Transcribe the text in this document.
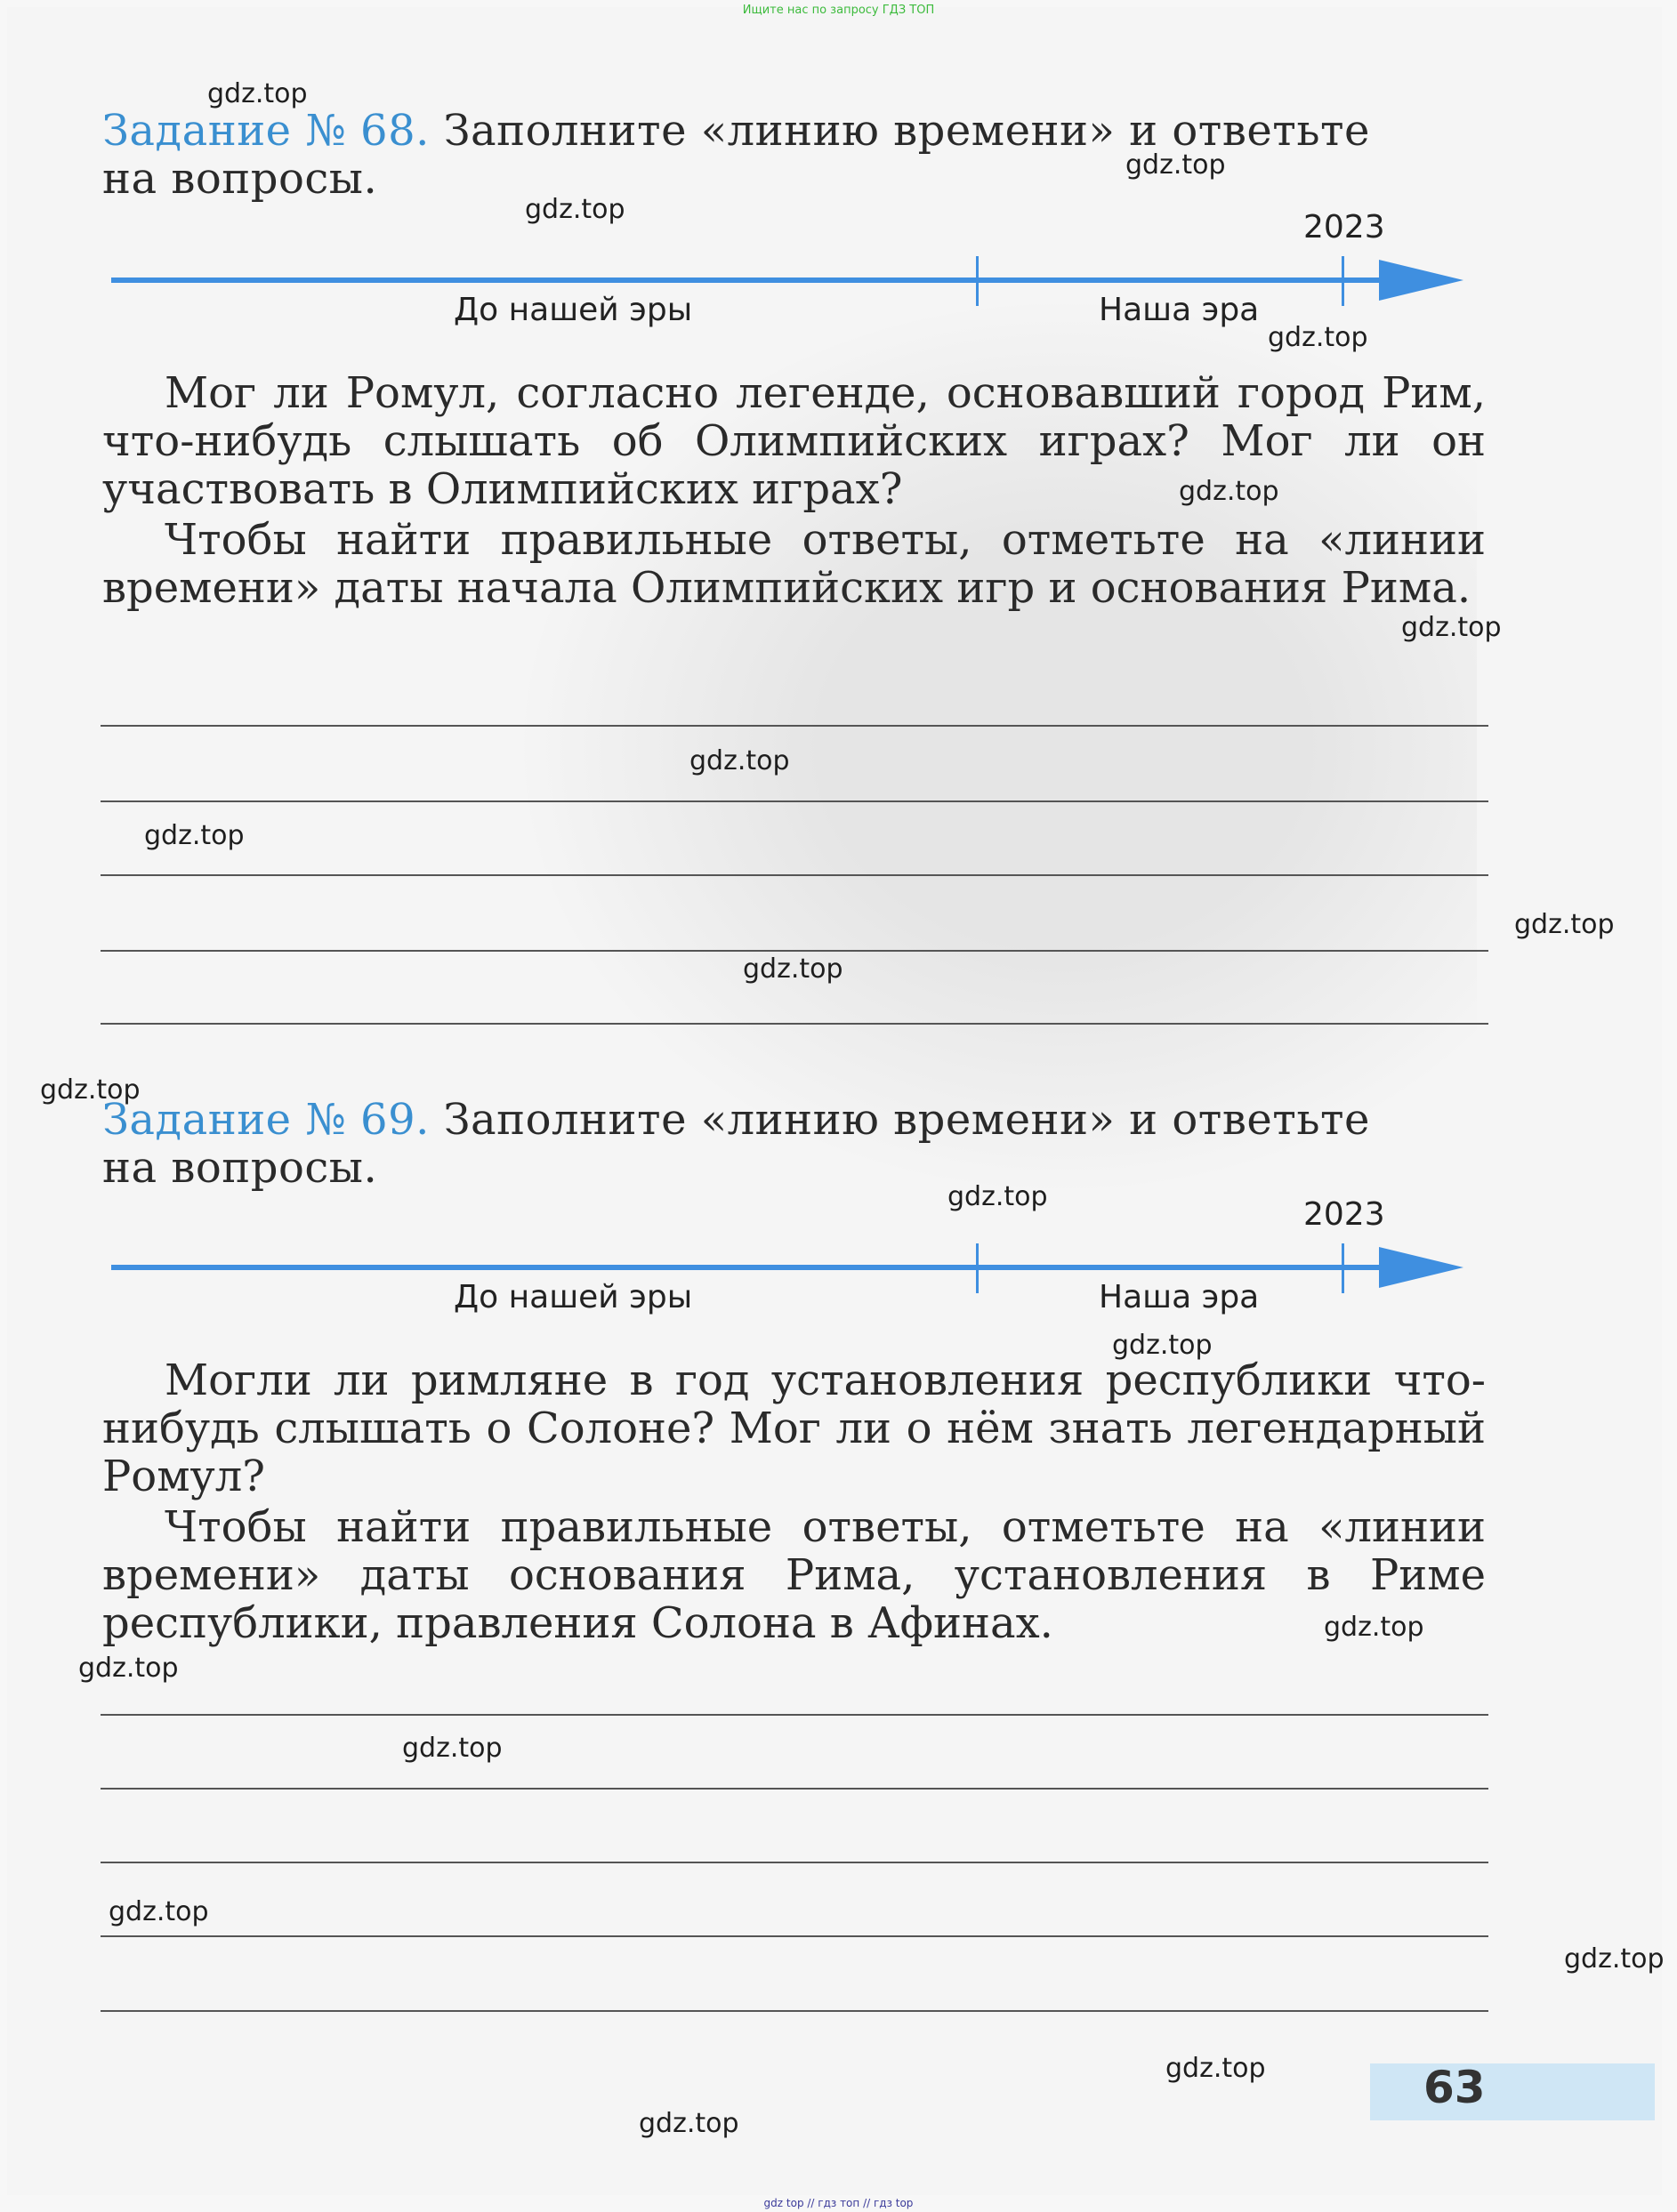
Ищите нас по запросу ГДЗ ТОП
Задание № 68. Заполните «линию времени» и ответьте
на вопросы.
2023
До нашей эры	Наша эра
Мог ли Ромул, согласно легенде, основавший город Рим, что-нибудь слышать об Олимпийских играх? Мог ли он участвовать в Олимпийских играх?
Чтобы найти правильные ответы, отметьте на «линии времени» даты начала Олимпийских игр и основания Рима.
Задание № 69. Заполните «линию времени» и ответьте
на вопросы.
2023
До нашей эры	Наша эра
Могли ли римляне в год установления республики что-нибудь слышать о Солоне? Мог ли о нём знать легендарный Ромул?
Чтобы найти правильные ответы, отметьте на «линии времени» даты основания Рима, установления в Риме республики, правления Солона в Афинах.
gdz.top
gdz.top
gdz.top
gdz.top
gdz.top
gdz.top
gdz.top
gdz.top
gdz.top
gdz.top
gdz.top
gdz.top
gdz.top
gdz.top
gdz.top
gdz.top
gdz.top
gdz.top
gdz.top
gdz.top
63
gdz top // гдз топ // гдз top
